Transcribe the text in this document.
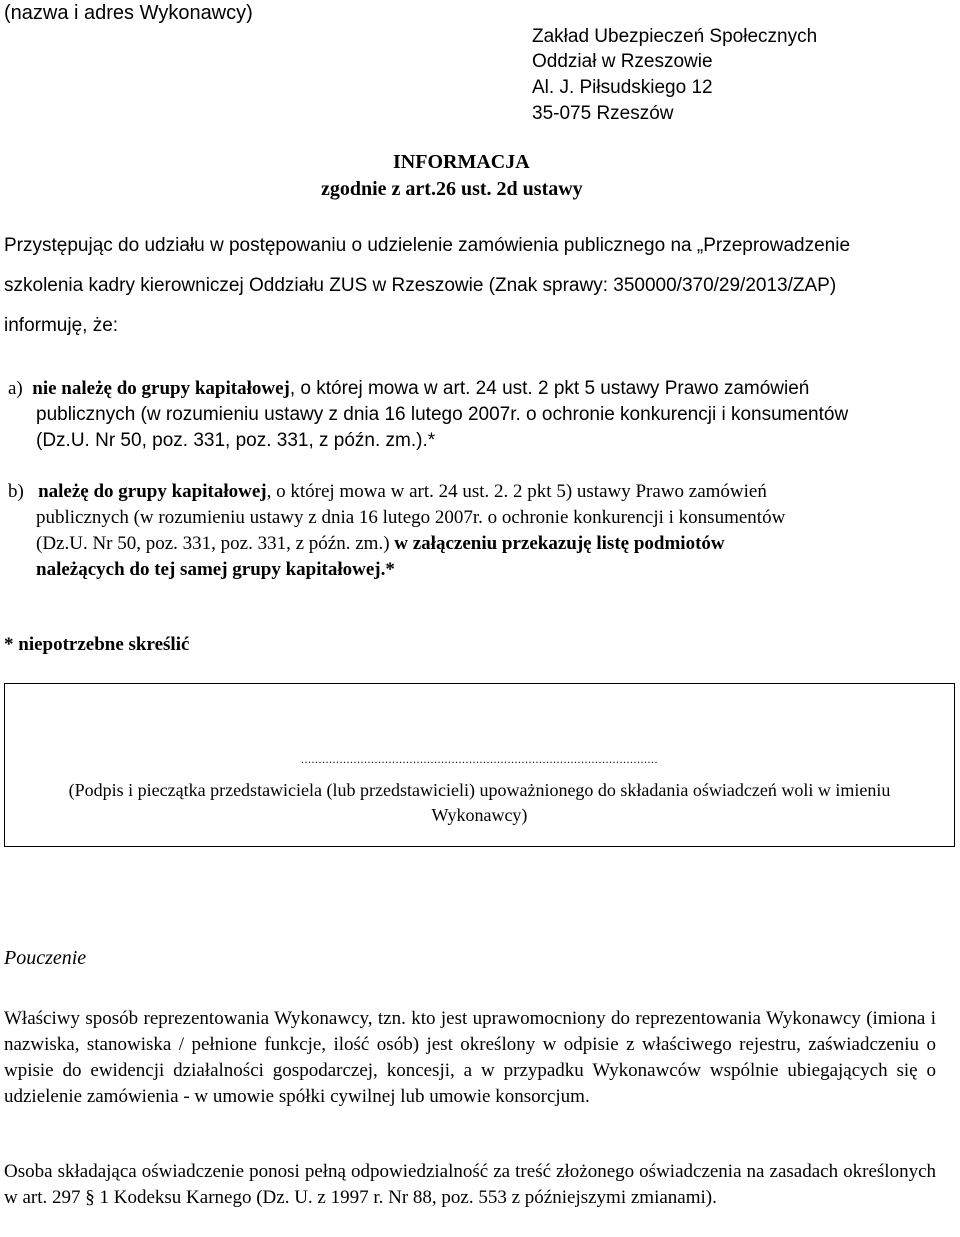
(nazwa i adres Wykonawcy)
Zakład Ubezpieczeń Społecznych
Oddział w Rzeszowie
Al. J. Piłsudskiego 12
35-075 Rzeszów
INFORMACJA
zgodnie z art.26 ust. 2d ustawy
Przystępując do udziału w postępowaniu o udzielenie zamówienia publicznego na „Przeprowadzenie
szkolenia kadry kierowniczej Oddziału ZUS w Rzeszowie (Znak sprawy: 350000/370/29/2013/ZAP)
informuję, że:
a) nie należę do grupy kapitałowej, o której mowa w art. 24 ust. 2 pkt 5 ustawy Prawo zamówień
publicznych (w rozumieniu ustawy z dnia 16 lutego 2007r. o ochronie konkurencji i konsumentów
(Dz.U. Nr 50, poz. 331, poz. 331, z późn. zm.).*
b) należę do grupy kapitałowej, o której mowa w art. 24 ust. 2. 2 pkt 5) ustawy Prawo zamówień
publicznych (w rozumieniu ustawy z dnia 16 lutego 2007r. o ochronie konkurencji i konsumentów
(Dz.U. Nr 50, poz. 331, poz. 331, z późn. zm.) w załączeniu przekazuję listę podmiotów
należących do tej samej grupy kapitałowej.*
* niepotrzebne skreślić
......................................................................................................
(Podpis i pieczątka przedstawiciela (lub przedstawicieli) upoważnionego do składania oświadczeń woli w imieniu
Wykonawcy)
Pouczenie
Właściwy sposób reprezentowania Wykonawcy, tzn. kto jest uprawomocniony do reprezentowania Wykonawcy (imiona i nazwiska, stanowiska / pełnione funkcje, ilość osób) jest określony w odpisie z właściwego rejestru, zaświadczeniu o wpisie do ewidencji działalności gospodarczej, koncesji, a w przypadku Wykonawców wspólnie ubiegających się o udzielenie zamówienia - w umowie spółki cywilnej lub umowie konsorcjum.
Osoba składająca oświadczenie ponosi pełną odpowiedzialność za treść złożonego oświadczenia na zasadach określonych w art. 297 § 1 Kodeksu Karnego (Dz. U. z 1997 r. Nr 88, poz. 553 z późniejszymi zmianami).
